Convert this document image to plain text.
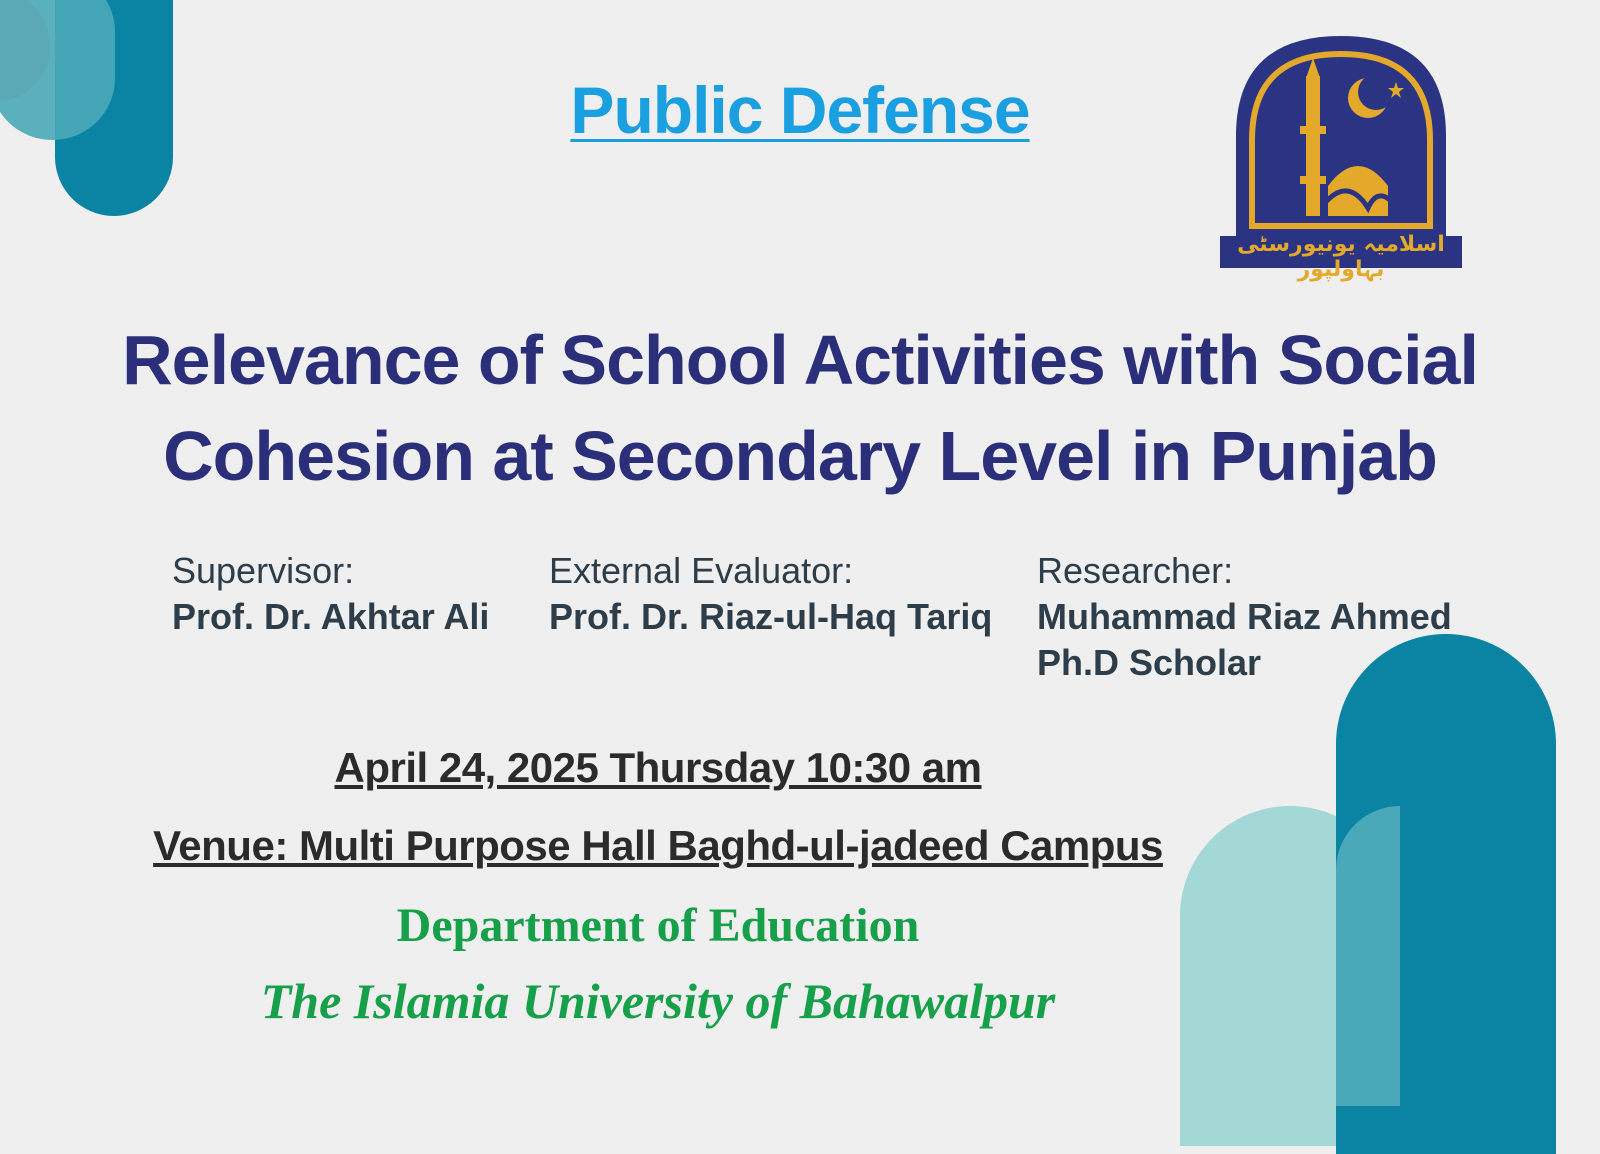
اسلامیہ یونیورسٹی بہاولپور
Public Defense
Relevance of School Activities with Social
Cohesion at Secondary Level in Punjab
Supervisor:
Prof. Dr. Akhtar Ali
External Evaluator:
Prof. Dr. Riaz-ul-Haq Tariq
Researcher:
Muhammad Riaz Ahmed
Ph.D Scholar
April 24, 2025 Thursday 10:30 am
Venue: Multi Purpose Hall Baghd-ul-jadeed Campus
Department of Education
The Islamia University of Bahawalpur
